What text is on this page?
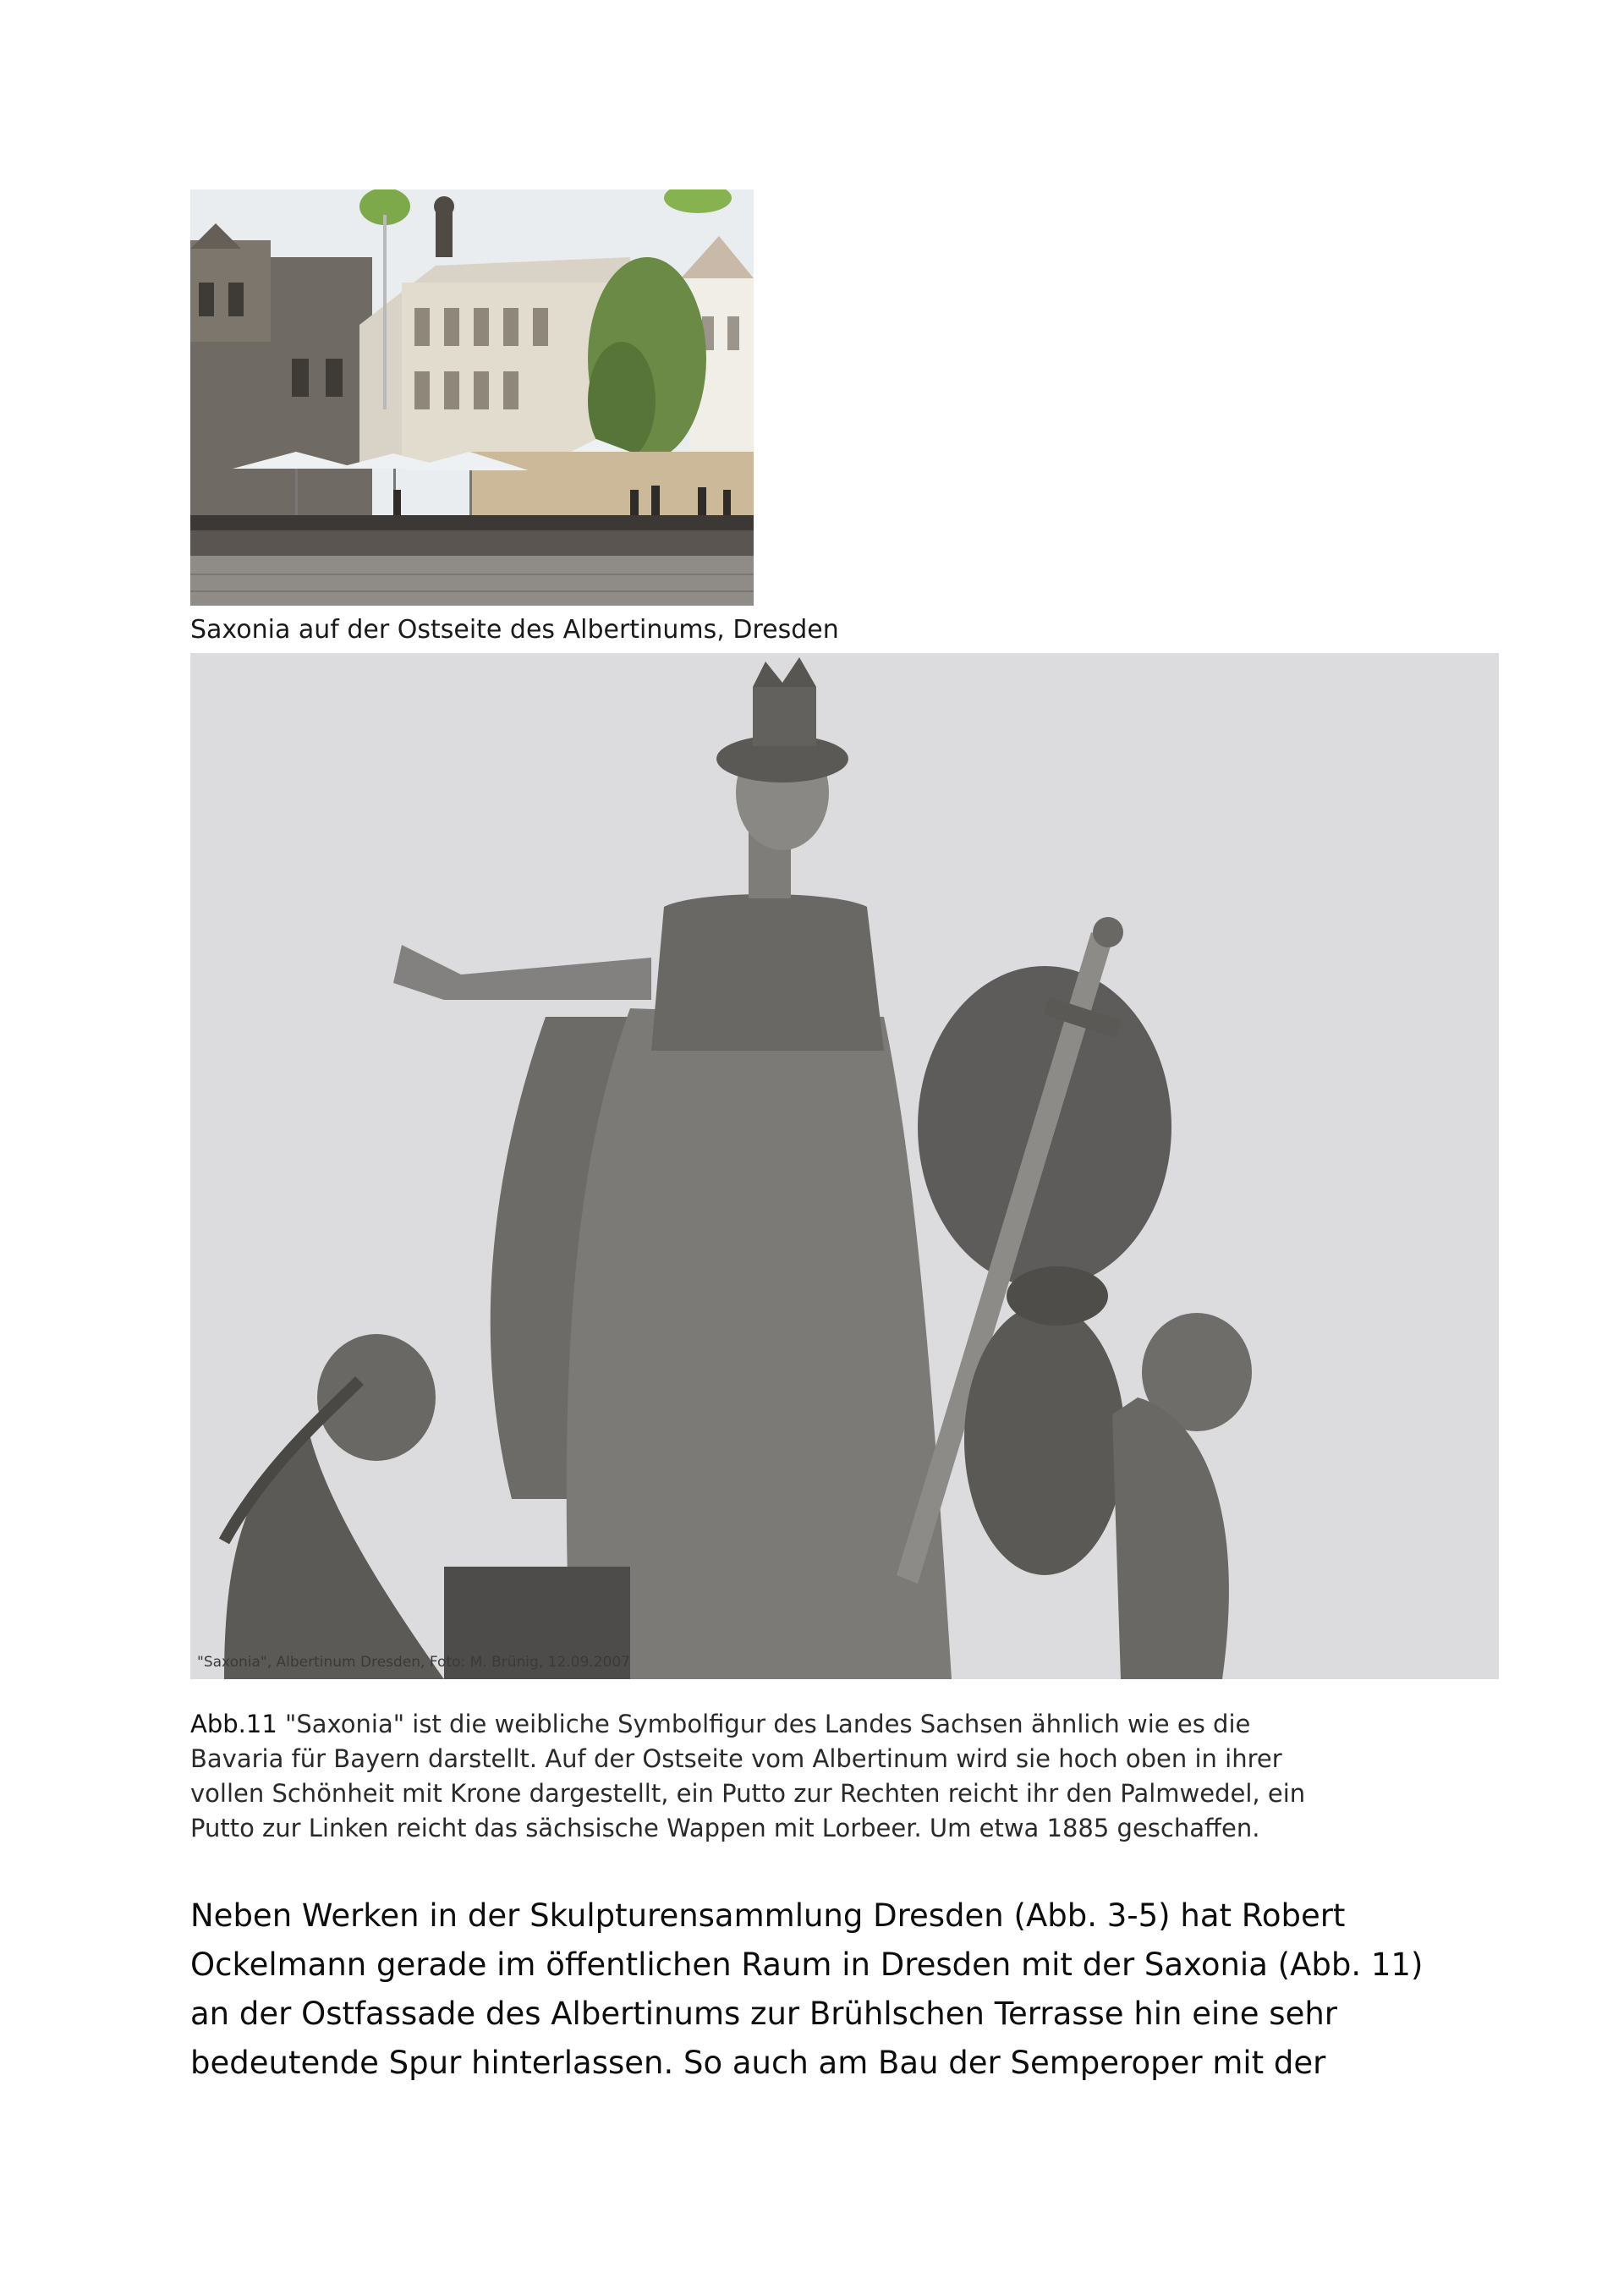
Saxonia auf der Ostseite des Albertinums, Dresden
"Saxonia", Albertinum Dresden, Foto: M. Brünig, 12.09.2007
Abb.11 "Saxonia" ist die weibliche Symbolfigur des Landes Sachsen ähnlich wie es die
Bavaria für Bayern darstellt. Auf der Ostseite vom Albertinum wird sie hoch oben in ihrer
vollen Schönheit mit Krone dargestellt, ein Putto zur Rechten reicht ihr den Palmwedel, ein
Putto zur Linken reicht das sächsische Wappen mit Lorbeer. Um etwa 1885 geschaffen.
Neben Werken in der Skulpturensammlung Dresden (Abb. 3-5) hat Robert
Ockelmann gerade im öffentlichen Raum in Dresden mit der Saxonia (Abb. 11)
an der Ostfassade des Albertinums zur Brühlschen Terrasse hin eine sehr
bedeutende Spur hinterlassen. So auch am Bau der Semperoper mit der
